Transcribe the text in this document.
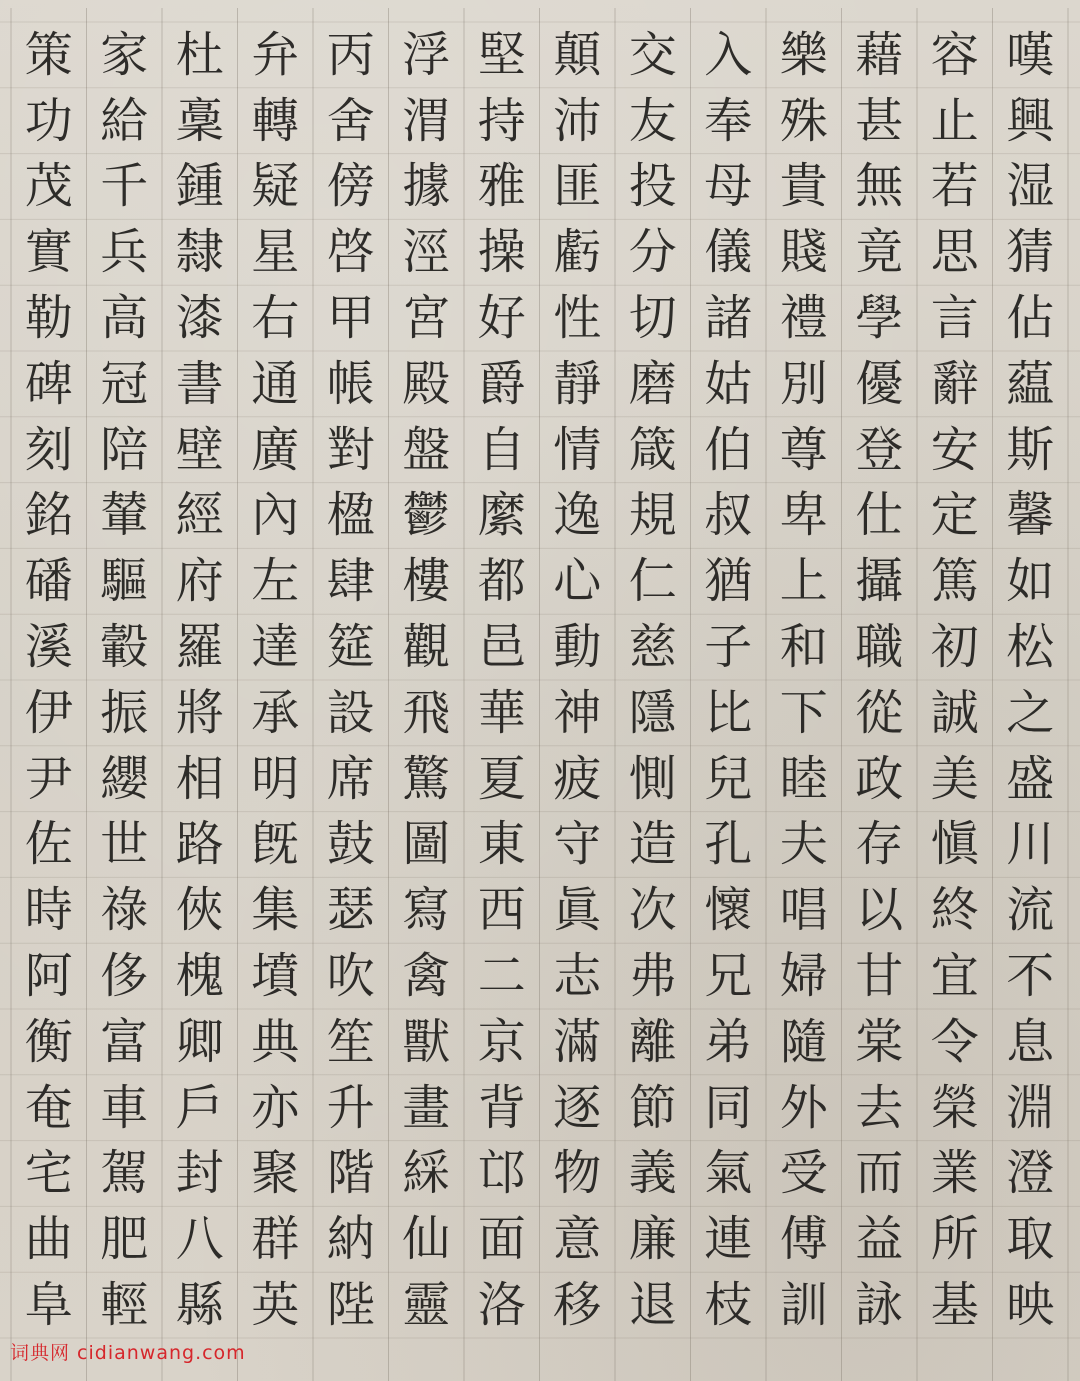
嘆
興
湿
猜
佔
藴
斯
馨
如
松
之
盛
川
流
不
息
淵
澄
取
映
容
止
若
思
言
辭
安
定
篤
初
誠
美
愼
終
宜
令
榮
業
所
基
藉
甚
無
竟
學
優
登
仕
攝
職
從
政
存
以
甘
棠
去
而
益
詠
樂
殊
貴
賤
禮
別
尊
卑
上
和
下
睦
夫
唱
婦
隨
外
受
傅
訓
入
奉
母
儀
諸
姑
伯
叔
猶
子
比
兒
孔
懷
兄
弟
同
氣
連
枝
交
友
投
分
切
磨
箴
規
仁
慈
隱
惻
造
次
弗
離
節
義
廉
退
顛
沛
匪
虧
性
靜
情
逸
心
動
神
疲
守
眞
志
滿
逐
物
意
移
堅
持
雅
操
好
爵
自
縻
都
邑
華
夏
東
西
二
京
背
邙
面
洛
浮
渭
據
涇
宮
殿
盤
鬱
樓
觀
飛
驚
圖
寫
禽
獸
畫
綵
仙
靈
丙
舍
傍
啓
甲
帳
對
楹
肆
筵
設
席
鼓
瑟
吹
笙
升
階
納
陛
弁
轉
疑
星
右
通
廣
內
左
達
承
明
旣
集
墳
典
亦
聚
群
英
杜
稾
鍾
隸
漆
書
壁
經
府
羅
將
相
路
俠
槐
卿
戶
封
八
縣
家
給
千
兵
高
冠
陪
輦
驅
轂
振
纓
世
祿
侈
富
車
駕
肥
輕
策
功
茂
實
勒
碑
刻
銘
磻
溪
伊
尹
佐
時
阿
衡
奄
宅
曲
阜
词典网 cidianwang.com
